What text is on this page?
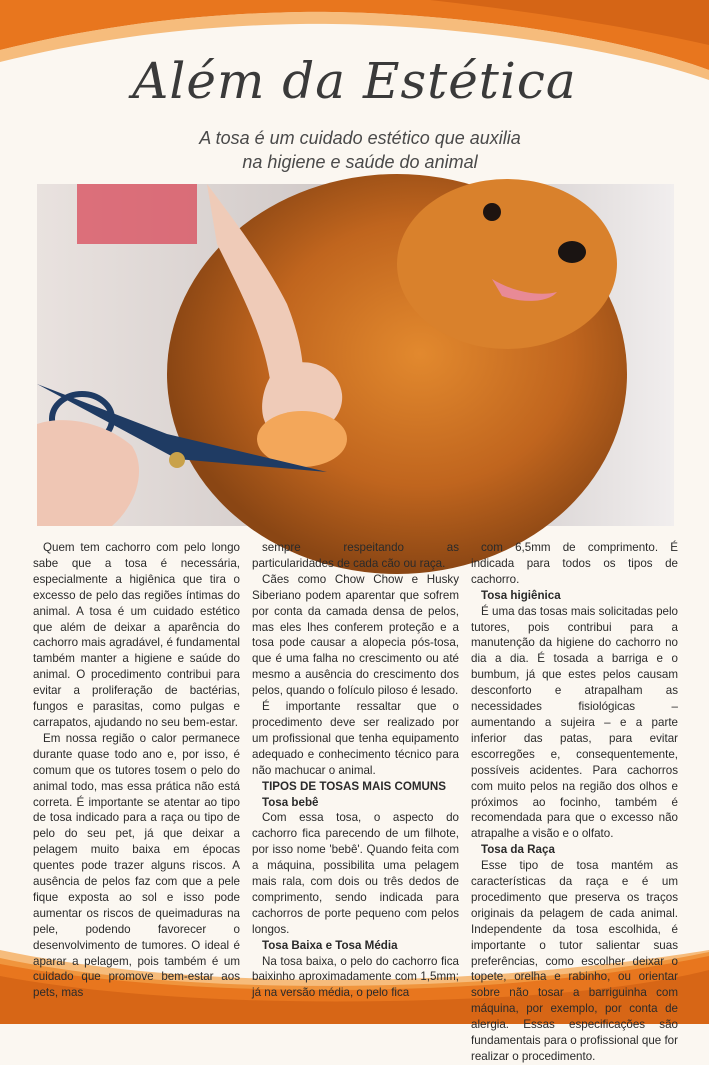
Além da Estética
A tosa é um cuidado estético que auxilia
na higiene e saúde do animal

Quem tem cachorro com pelo longo sabe que a tosa é necessária, especialmente a higiênica que tira o excesso de pelo das regiões íntimas do animal. A tosa é um cuidado estético que além de deixar a aparência do cachorro mais agradável, é fundamental também manter a higiene e saúde do animal. O procedimento contribui para evitar a proliferação de bactérias, fungos e parasitas, como pulgas e carrapatos, ajudando no seu bem-estar.

Em nossa região o calor permanece durante quase todo ano e, por isso, é comum que os tutores tosem o pelo do animal todo, mas essa prática não está correta. É importante se atentar ao tipo de tosa indicado para a raça ou tipo de pelo do seu pet, já que deixar a pelagem muito baixa em épocas quentes pode trazer alguns riscos. A ausência de pelos faz com que a pele fique exposta ao sol e isso pode aumentar os riscos de queimaduras na pele, podendo favorecer o desenvolvimento de tumores. O ideal é aparar a pelagem, pois também é um cuidado que promove bem-estar aos pets, mas

sempre respeitando as particularidades de cada cão ou raça.

Cães como Chow Chow e Husky Siberiano podem aparentar que sofrem por conta da camada densa de pelos, mas eles lhes conferem proteção e a tosa pode causar a alopecia pós-tosa, que é uma falha no crescimento ou até mesmo a ausência do crescimento dos pelos, quando o folículo piloso é lesado.

É importante ressaltar que o procedimento deve ser realizado por um profissional que tenha equipamento adequado e conhecimento técnico para não machucar o animal.

TIPOS DE TOSAS MAIS COMUNS

Tosa bebê

Com essa tosa, o aspecto do cachorro fica parecendo de um filhote, por isso nome 'bebê'. Quando feita com a máquina, possibilita uma pelagem mais rala, com dois ou três dedos de comprimento, sendo indicada para cachorros de porte pequeno com pelos longos.

Tosa Baixa e Tosa Média

Na tosa baixa, o pelo do cachorro fica baixinho aproximadamente com 1,5mm; já na versão média, o pelo fica

com 6,5mm de comprimento. É indicada para todos os tipos de cachorro.

Tosa higiênica

É uma das tosas mais solicitadas pelo tutores, pois contribui para a manutenção da higiene do cachorro no dia a dia. É tosada a barriga e o bumbum, já que estes pelos causam desconforto e atrapalham as necessidades fisiológicas – aumentando a sujeira – e a parte inferior das patas, para evitar escorregões e, consequentemente, possíveis acidentes. Para cachorros com muito pelos na região dos olhos e próximos ao focinho, também é recomendada para que o excesso não atrapalhe a visão e o olfato.

Tosa da Raça

Esse tipo de tosa mantém as características da raça e é um procedimento que preserva os traços originais da pelagem de cada animal. Independente da tosa escolhida, é importante o tutor salientar suas preferências, como escolher deixar o topete, orelha e rabinho, ou orientar sobre não tosar a barriguinha com máquina, por exemplo, por conta de alergia. Essas especificações são fundamentais para o profissional que for realizar o procedimento.
